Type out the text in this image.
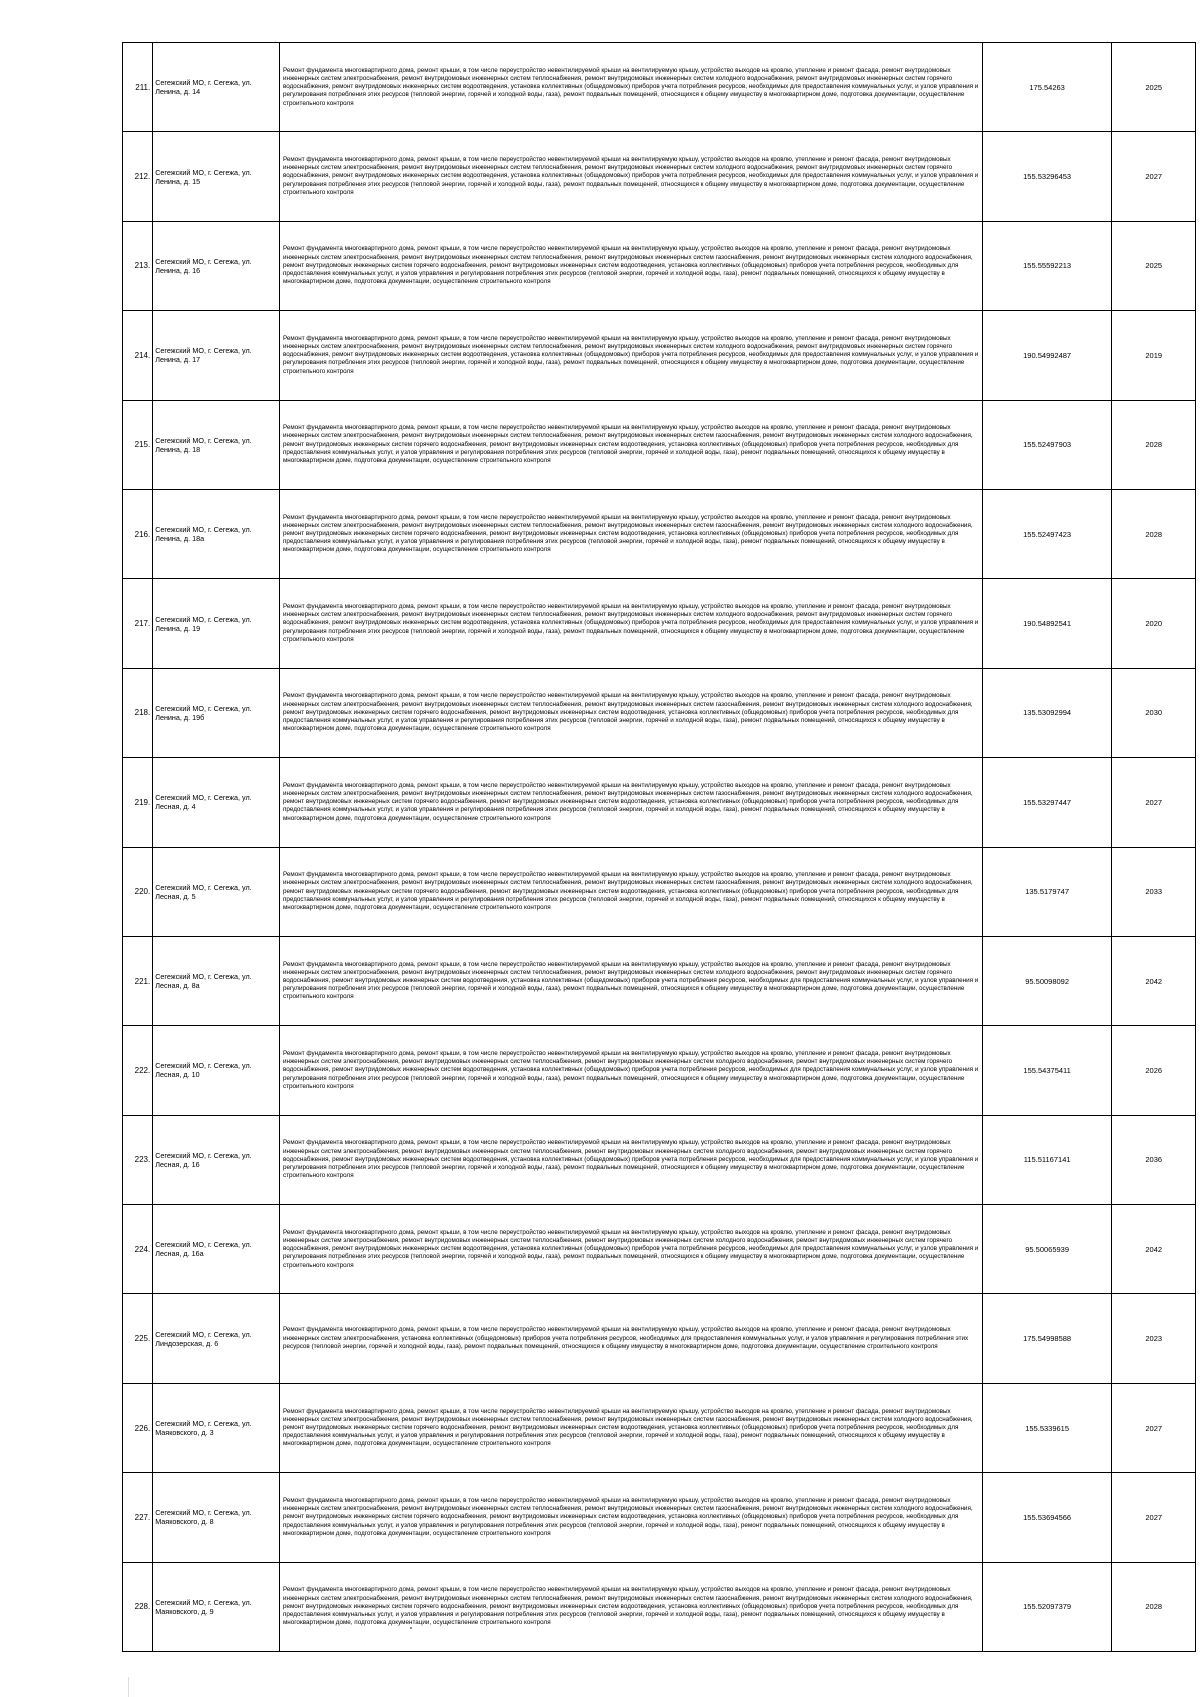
211.	Сегежский МО, г. Сегежа, ул. Ленина, д. 14	Ремонт фундамента многоквартирного дома, ремонт крыши, в том числе переустройство невентилируемой крыши на вентилируемую крышу, устройство выходов на кровлю, утепление и ремонт фасада, ремонт внутридомовых инженерных систем электроснабжения, ремонт внутридомовых инженерных систем теплоснабжения, ремонт внутридомовых инженерных систем холодного водоснабжения, ремонт внутридомовых инженерных систем горячего водоснабжения, ремонт внутридомовых инженерных систем водоотведения, установка коллективных (общедомовых) приборов учета потребления ресурсов, необходимых для предоставления коммунальных услуг, и узлов управления и регулирования потребления этих ресурсов (тепловой энергии, горячей и холодной воды, газа), ремонт подвальных помещений, относящихся к общему имуществу в многоквартирном доме, подготовка документации, осуществление строительного контроля	175.54263	2025	
212.	Сегежский МО, г. Сегежа, ул. Ленина, д. 15	Ремонт фундамента многоквартирного дома, ремонт крыши, в том числе переустройство невентилируемой крыши на вентилируемую крышу, устройство выходов на кровлю, утепление и ремонт фасада, ремонт внутридомовых инженерных систем электроснабжения, ремонт внутридомовых инженерных систем теплоснабжения, ремонт внутридомовых инженерных систем холодного водоснабжения, ремонт внутридомовых инженерных систем горячего водоснабжения, ремонт внутридомовых инженерных систем водоотведения, установка коллективных (общедомовых) приборов учета потребления ресурсов, необходимых для предоставления коммунальных услуг, и узлов управления и регулирования потребления этих ресурсов (тепловой энергии, горячей и холодной воды, газа), ремонт подвальных помещений, относящихся к общему имуществу в многоквартирном доме, подготовка документации, осуществление строительного контроля	155.53296453	2027	
213.	Сегежский МО, г. Сегежа, ул. Ленина, д. 16	Ремонт фундамента многоквартирного дома, ремонт крыши, в том числе переустройство невентилируемой крыши на вентилируемую крышу, устройство выходов на кровлю, утепление и ремонт фасада, ремонт внутридомовых инженерных систем электроснабжения, ремонт внутридомовых инженерных систем теплоснабжения, ремонт внутридомовых инженерных систем газоснабжения, ремонт внутридомовых инженерных систем холодного водоснабжения, ремонт внутридомовых инженерных систем горячего водоснабжения, ремонт внутридомовых инженерных систем водоотведения, установка коллективных (общедомовых) приборов учета потребления ресурсов, необходимых для предоставления коммунальных услуг, и узлов управления и регулирования потребления этих ресурсов (тепловой энергии, горячей и холодной воды, газа), ремонт подвальных помещений, относящихся к общему имуществу в многоквартирном доме, подготовка документации, осуществление строительного контроля	155.55592213	2025	
214.	Сегежский МО, г. Сегежа, ул. Ленина, д. 17	Ремонт фундамента многоквартирного дома, ремонт крыши, в том числе переустройство невентилируемой крыши на вентилируемую крышу, устройство выходов на кровлю, утепление и ремонт фасада, ремонт внутридомовых инженерных систем электроснабжения, ремонт внутридомовых инженерных систем теплоснабжения, ремонт внутридомовых инженерных систем холодного водоснабжения, ремонт внутридомовых инженерных систем горячего водоснабжения, ремонт внутридомовых инженерных систем водоотведения, установка коллективных (общедомовых) приборов учета потребления ресурсов, необходимых для предоставления коммунальных услуг, и узлов управления и регулирования потребления этих ресурсов (тепловой энергии, горячей и холодной воды, газа), ремонт подвальных помещений, относящихся к общему имуществу в многоквартирном доме, подготовка документации, осуществление строительного контроля	190.54992487	2019	
215.	Сегежский МО, г. Сегежа, ул. Ленина, д. 18	Ремонт фундамента многоквартирного дома, ремонт крыши, в том числе переустройство невентилируемой крыши на вентилируемую крышу, устройство выходов на кровлю, утепление и ремонт фасада, ремонт внутридомовых инженерных систем электроснабжения, ремонт внутридомовых инженерных систем теплоснабжения, ремонт внутридомовых инженерных систем газоснабжения, ремонт внутридомовых инженерных систем холодного водоснабжения, ремонт внутридомовых инженерных систем горячего водоснабжения, ремонт внутридомовых инженерных систем водоотведения, установка коллективных (общедомовых) приборов учета потребления ресурсов, необходимых для предоставления коммунальных услуг, и узлов управления и регулирования потребления этих ресурсов (тепловой энергии, горячей и холодной воды, газа), ремонт подвальных помещений, относящихся к общему имуществу в многоквартирном доме, подготовка документации, осуществление строительного контроля	155.52497903	2028	
216.	Сегежский МО, г. Сегежа, ул. Ленина, д. 18а	Ремонт фундамента многоквартирного дома, ремонт крыши, в том числе переустройство невентилируемой крыши на вентилируемую крышу, устройство выходов на кровлю, утепление и ремонт фасада, ремонт внутридомовых инженерных систем электроснабжения, ремонт внутридомовых инженерных систем теплоснабжения, ремонт внутридомовых инженерных систем газоснабжения, ремонт внутридомовых инженерных систем холодного водоснабжения, ремонт внутридомовых инженерных систем горячего водоснабжения, ремонт внутридомовых инженерных систем водоотведения, установка коллективных (общедомовых) приборов учета потребления ресурсов, необходимых для предоставления коммунальных услуг, и узлов управления и регулирования потребления этих ресурсов (тепловой энергии, горячей и холодной воды, газа), ремонт подвальных помещений, относящихся к общему имуществу в многоквартирном доме, подготовка документации, осуществление строительного контроля	155.52497423	2028	
217.	Сегежский МО, г. Сегежа, ул. Ленина, д. 19	Ремонт фундамента многоквартирного дома, ремонт крыши, в том числе переустройство невентилируемой крыши на вентилируемую крышу, устройство выходов на кровлю, утепление и ремонт фасада, ремонт внутридомовых инженерных систем электроснабжения, ремонт внутридомовых инженерных систем теплоснабжения, ремонт внутридомовых инженерных систем холодного водоснабжения, ремонт внутридомовых инженерных систем горячего водоснабжения, ремонт внутридомовых инженерных систем водоотведения, установка коллективных (общедомовых) приборов учета потребления ресурсов, необходимых для предоставления коммунальных услуг, и узлов управления и регулирования потребления этих ресурсов (тепловой энергии, горячей и холодной воды, газа), ремонт подвальных помещений, относящихся к общему имуществу в многоквартирном доме, подготовка документации, осуществление строительного контроля	190.54892541	2020	
218.	Сегежский МО, г. Сегежа, ул. Ленина, д. 19б	Ремонт фундамента многоквартирного дома, ремонт крыши, в том числе переустройство невентилируемой крыши на вентилируемую крышу, устройство выходов на кровлю, утепление и ремонт фасада, ремонт внутридомовых инженерных систем электроснабжения, ремонт внутридомовых инженерных систем теплоснабжения, ремонт внутридомовых инженерных систем газоснабжения, ремонт внутридомовых инженерных систем холодного водоснабжения, ремонт внутридомовых инженерных систем горячего водоснабжения, ремонт внутридомовых инженерных систем водоотведения, установка коллективных (общедомовых) приборов учета потребления ресурсов, необходимых для предоставления коммунальных услуг, и узлов управления и регулирования потребления этих ресурсов (тепловой энергии, горячей и холодной воды, газа), ремонт подвальных помещений, относящихся к общему имуществу в многоквартирном доме, подготовка документации, осуществление строительного контроля	135.53092994	2030	
219.	Сегежский МО, г. Сегежа, ул. Лесная, д. 4	Ремонт фундамента многоквартирного дома, ремонт крыши, в том числе переустройство невентилируемой крыши на вентилируемую крышу, устройство выходов на кровлю, утепление и ремонт фасада, ремонт внутридомовых инженерных систем электроснабжения, ремонт внутридомовых инженерных систем теплоснабжения, ремонт внутридомовых инженерных систем газоснабжения, ремонт внутридомовых инженерных систем холодного водоснабжения, ремонт внутридомовых инженерных систем горячего водоснабжения, ремонт внутридомовых инженерных систем водоотведения, установка коллективных (общедомовых) приборов учета потребления ресурсов, необходимых для предоставления коммунальных услуг, и узлов управления и регулирования потребления этих ресурсов (тепловой энергии, горячей и холодной воды, газа), ремонт подвальных помещений, относящихся к общему имуществу в многоквартирном доме, подготовка документации, осуществление строительного контроля	155.53297447	2027	
220.	Сегежский МО, г. Сегежа, ул. Лесная, д. 5	Ремонт фундамента многоквартирного дома, ремонт крыши, в том числе переустройство невентилируемой крыши на вентилируемую крышу, устройство выходов на кровлю, утепление и ремонт фасада, ремонт внутридомовых инженерных систем электроснабжения, ремонт внутридомовых инженерных систем теплоснабжения, ремонт внутридомовых инженерных систем газоснабжения, ремонт внутридомовых инженерных систем холодного водоснабжения, ремонт внутридомовых инженерных систем горячего водоснабжения, ремонт внутридомовых инженерных систем водоотведения, установка коллективных (общедомовых) приборов учета потребления ресурсов, необходимых для предоставления коммунальных услуг, и узлов управления и регулирования потребления этих ресурсов (тепловой энергии, горячей и холодной воды, газа), ремонт подвальных помещений, относящихся к общему имуществу в многоквартирном доме, подготовка документации, осуществление строительного контроля	135.5179747	2033	
221.	Сегежский МО, г. Сегежа, ул. Лесная, д. 8а	Ремонт фундамента многоквартирного дома, ремонт крыши, в том числе переустройство невентилируемой крыши на вентилируемую крышу, устройство выходов на кровлю, утепление и ремонт фасада, ремонт внутридомовых инженерных систем электроснабжения, ремонт внутридомовых инженерных систем теплоснабжения, ремонт внутридомовых инженерных систем холодного водоснабжения, ремонт внутридомовых инженерных систем горячего водоснабжения, ремонт внутридомовых инженерных систем водоотведения, установка коллективных (общедомовых) приборов учета потребления ресурсов, необходимых для предоставления коммунальных услуг, и узлов управления и регулирования потребления этих ресурсов (тепловой энергии, горячей и холодной воды, газа), ремонт подвальных помещений, относящихся к общему имуществу в многоквартирном доме, подготовка документации, осуществление строительного контроля	95.50098092	2042	
222.	Сегежский МО, г. Сегежа, ул. Лесная, д. 10	Ремонт фундамента многоквартирного дома, ремонт крыши, в том числе переустройство невентилируемой крыши на вентилируемую крышу, устройство выходов на кровлю, утепление и ремонт фасада, ремонт внутридомовых инженерных систем электроснабжения, ремонт внутридомовых инженерных систем теплоснабжения, ремонт внутридомовых инженерных систем холодного водоснабжения, ремонт внутридомовых инженерных систем горячего водоснабжения, ремонт внутридомовых инженерных систем водоотведения, установка коллективных (общедомовых) приборов учета потребления ресурсов, необходимых для предоставления коммунальных услуг, и узлов управления и регулирования потребления этих ресурсов (тепловой энергии, горячей и холодной воды, газа), ремонт подвальных помещений, относящихся к общему имуществу в многоквартирном доме, подготовка документации, осуществление строительного контроля	155.54375411	2026	
223.	Сегежский МО, г. Сегежа, ул. Лесная, д. 16	Ремонт фундамента многоквартирного дома, ремонт крыши, в том числе переустройство невентилируемой крыши на вентилируемую крышу, устройство выходов на кровлю, утепление и ремонт фасада, ремонт внутридомовых инженерных систем электроснабжения, ремонт внутридомовых инженерных систем теплоснабжения, ремонт внутридомовых инженерных систем холодного водоснабжения, ремонт внутридомовых инженерных систем горячего водоснабжения, ремонт внутридомовых инженерных систем водоотведения, установка коллективных (общедомовых) приборов учета потребления ресурсов, необходимых для предоставления коммунальных услуг, и узлов управления и регулирования потребления этих ресурсов (тепловой энергии, горячей и холодной воды, газа), ремонт подвальных помещений, относящихся к общему имуществу в многоквартирном доме, подготовка документации, осуществление строительного контроля	115.51167141	2036	
224.	Сегежский МО, г. Сегежа, ул. Лесная, д. 16а	Ремонт фундамента многоквартирного дома, ремонт крыши, в том числе переустройство невентилируемой крыши на вентилируемую крышу, устройство выходов на кровлю, утепление и ремонт фасада, ремонт внутридомовых инженерных систем электроснабжения, ремонт внутридомовых инженерных систем теплоснабжения, ремонт внутридомовых инженерных систем холодного водоснабжения, ремонт внутридомовых инженерных систем горячего водоснабжения, ремонт внутридомовых инженерных систем водоотведения, установка коллективных (общедомовых) приборов учета потребления ресурсов, необходимых для предоставления коммунальных услуг, и узлов управления и регулирования потребления этих ресурсов (тепловой энергии, горячей и холодной воды, газа), ремонт подвальных помещений, относящихся к общему имуществу в многоквартирном доме, подготовка документации, осуществление строительного контроля	95.50065939	2042	
225.	Сегежский МО, г. Сегежа, ул. Линдозерская, д. 6	Ремонт фундамента многоквартирного дома, ремонт крыши, в том числе переустройство невентилируемой крыши на вентилируемую крышу, устройство выходов на кровлю, утепление и ремонт фасада, ремонт внутридомовых инженерных систем электроснабжения, установка коллективных (общедомовых) приборов учета потребления ресурсов, необходимых для предоставления коммунальных услуг, и узлов управления и регулирования потребления этих ресурсов (тепловой энергии, горячей и холодной воды, газа), ремонт подвальных помещений, относящихся к общему имуществу в многоквартирном доме, подготовка документации, осуществление строительного контроля	175.54998588	2023	
226.	Сегежский МО, г. Сегежа, ул. Маяковского, д. 3	Ремонт фундамента многоквартирного дома, ремонт крыши, в том числе переустройство невентилируемой крыши на вентилируемую крышу, устройство выходов на кровлю, утепление и ремонт фасада, ремонт внутридомовых инженерных систем электроснабжения, ремонт внутридомовых инженерных систем теплоснабжения, ремонт внутридомовых инженерных систем газоснабжения, ремонт внутридомовых инженерных систем холодного водоснабжения, ремонт внутридомовых инженерных систем горячего водоснабжения, ремонт внутридомовых инженерных систем водоотведения, установка коллективных (общедомовых) приборов учета потребления ресурсов, необходимых для предоставления коммунальных услуг, и узлов управления и регулирования потребления этих ресурсов (тепловой энергии, горячей и холодной воды, газа), ремонт подвальных помещений, относящихся к общему имуществу в многоквартирном доме, подготовка документации, осуществление строительного контроля	155.5339615	2027	
227.	Сегежский МО, г. Сегежа, ул. Маяковского, д. 8	Ремонт фундамента многоквартирного дома, ремонт крыши, в том числе переустройство невентилируемой крыши на вентилируемую крышу, устройство выходов на кровлю, утепление и ремонт фасада, ремонт внутридомовых инженерных систем электроснабжения, ремонт внутридомовых инженерных систем теплоснабжения, ремонт внутридомовых инженерных систем газоснабжения, ремонт внутридомовых инженерных систем холодного водоснабжения, ремонт внутридомовых инженерных систем горячего водоснабжения, ремонт внутридомовых инженерных систем водоотведения, установка коллективных (общедомовых) приборов учета потребления ресурсов, необходимых для предоставления коммунальных услуг, и узлов управления и регулирования потребления этих ресурсов (тепловой энергии, горячей и холодной воды, газа), ремонт подвальных помещений, относящихся к общему имуществу в многоквартирном доме, подготовка документации, осуществление строительного контроля	155.53694566	2027	
228.	Сегежский МО, г. Сегежа, ул. Маяковского, д. 9	Ремонт фундамента многоквартирного дома, ремонт крыши, в том числе переустройство невентилируемой крыши на вентилируемую крышу, устройство выходов на кровлю, утепление и ремонт фасада, ремонт внутридомовых инженерных систем электроснабжения, ремонт внутридомовых инженерных систем теплоснабжения, ремонт внутридомовых инженерных систем газоснабжения, ремонт внутридомовых инженерных систем холодного водоснабжения, ремонт внутридомовых инженерных систем горячего водоснабжения, ремонт внутридомовых инженерных систем водоотведения, установка коллективных (общедомовых) приборов учета потребления ресурсов, необходимых для предоставления коммунальных услуг, и узлов управления и регулирования потребления этих ресурсов (тепловой энергии, горячей и холодной воды, газа), ремонт подвальных помещений, относящихся к общему имуществу в многоквартирном доме, подготовка документации, осуществление строительного контроля	155.52097379	2028	
